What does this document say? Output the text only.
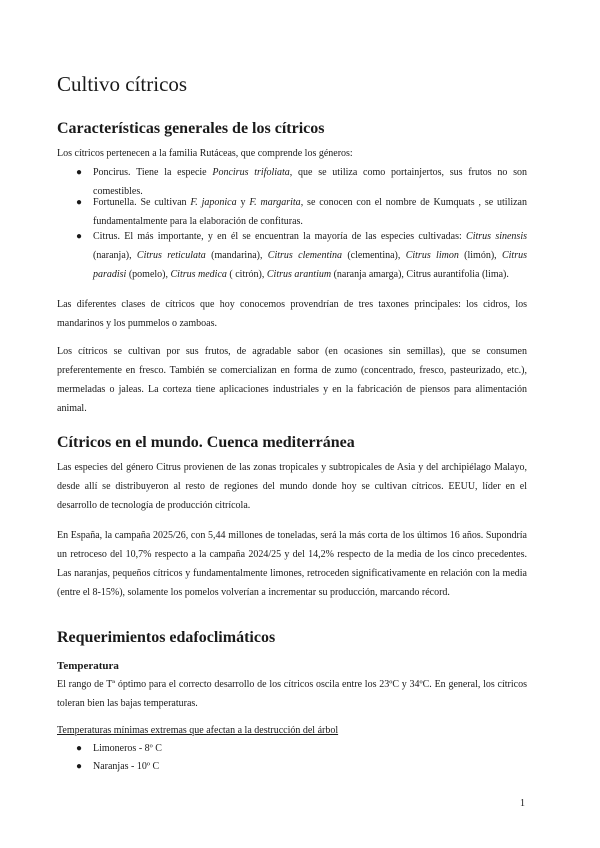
Cultivo cítricos
Características generales de los cítricos

Los cítricos pertenecen a la familia Rutáceas, que comprende los géneros:

● Poncirus. Tiene la especie Poncirus trifoliata, que se utiliza como portainjertos, sus frutos no son comestibles.
● Fortunella. Se cultivan F. japonica y F. margarita, se conocen con el nombre de Kumquats , se utilizan fundamentalmente para la elaboración de confituras.
● Citrus. El más importante, y en él se encuentran la mayoría de las especies cultivadas: Citrus sinensis (naranja), Citrus reticulata (mandarina), Citrus clementina (clementina), Citrus limon (limón), Citrus paradisi (pomelo), Citrus medica ( citrón), Citrus arantium (naranja amarga), Citrus aurantifolia (lima).

Las diferentes clases de cítricos que hoy conocemos provendrían de tres taxones principales: los cidros, los mandarinos y los pummelos o zamboas.

Los cítricos se cultivan por sus frutos, de agradable sabor (en ocasiones sin semillas), que se consumen preferentemente en fresco. También se comercializan en forma de zumo (concentrado, fresco, pasteurizado, etc.), mermeladas o jaleas. La corteza tiene aplicaciones industriales y en la fabricación de piensos para alimentación animal.

Cítricos en el mundo. Cuenca mediterránea

Las especies del género Citrus provienen de las zonas tropicales y subtropicales de Asia y del archipiélago Malayo, desde allí se distribuyeron al resto de regiones del mundo donde hoy se cultivan cítricos. EEUU, líder en el desarrollo de tecnología de producción citrícola.

En España, la campaña 2025/26, con 5,44 millones de toneladas, será la más corta de los últimos 16 años. Supondría un retroceso del 10,7% respecto a la campaña 2024/25 y del 14,2% respecto de la media de los cinco precedentes. Las naranjas, pequeños cítricos y fundamentalmente limones, retroceden significativamente en relación con la media (entre el 8-15%), solamente los pomelos volverían a incrementar su producción, marcando récord.

Requerimientos edafoclimáticos
Temperatura

El rango de Tª óptimo para el correcto desarrollo de los cítricos oscila entre los 23ºC y 34ºC. En general, los cítricos toleran bien las bajas temperaturas.

Temperaturas mínimas extremas que afectan a la destrucción del árbol

● Limoneros - 8º C
● Naranjas - 10º C
1
